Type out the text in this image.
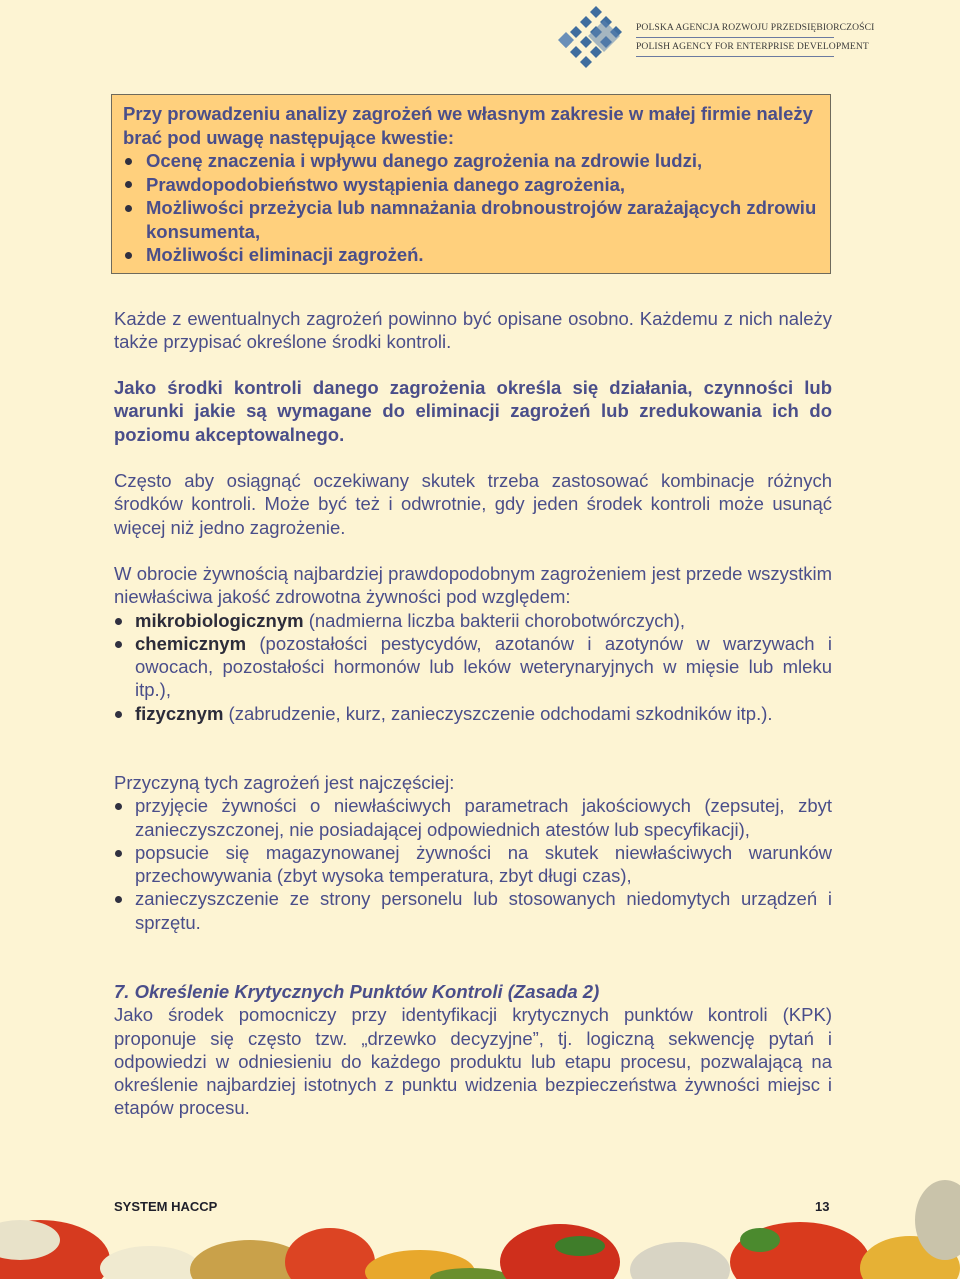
POLSKA AGENCJA ROZWOJU PRZEDSIĘBIORCZOŚCI
POLISH AGENCY FOR ENTERPRISE DEVELOPMENT

Przy prowadzeniu analizy zagrożeń we własnym zakresie w małej firmie należy brać pod uwagę następujące kwestie:

Ocenę znaczenia i wpływu danego zagrożenia na zdrowie ludzi,
Prawdopodobieństwo wystąpienia danego zagrożenia,
Możliwości przeżycia lub namnażania drobnoustrojów zarażających zdrowiu konsumenta,
Możliwości eliminacji zagrożeń.

Każde z ewentualnych zagrożeń powinno być opisane osobno. Każdemu z nich należy także przypisać określone środki kontroli.

Jako środki kontroli danego zagrożenia określa się działania, czynności lub warunki jakie są wymagane do eliminacji zagrożeń lub zredukowania ich do poziomu akceptowalnego.

Często aby osiągnąć oczekiwany skutek trzeba zastosować kombinacje różnych środków kontroli. Może być też i odwrotnie, gdy jeden środek kontroli może usunąć więcej niż jedno zagrożenie.

W obrocie żywnością najbardziej prawdopodobnym zagrożeniem jest przede wszystkim niewłaściwa jakość zdrowotna żywności pod względem:

mikrobiologicznym (nadmierna liczba bakterii chorobotwórczych),
chemicznym (pozostałości pestycydów, azotanów i azotynów w warzywach i owocach, pozostałości hormonów lub leków weterynaryjnych w mięsie lub mleku itp.),
fizycznym (zabrudzenie, kurz, zanieczyszczenie odchodami szkodników itp.).

Przyczyną tych zagrożeń jest najczęściej:

przyjęcie żywności o niewłaściwych parametrach jakościowych (zepsutej, zbyt zanieczyszczonej, nie posiadającej odpowiednich atestów lub specyfikacji),
popsucie się magazynowanej żywności na skutek niewłaściwych warunków przechowywania (zbyt wysoka temperatura, zbyt długi czas),
zanieczyszczenie ze strony personelu lub stosowanych niedomytych urządzeń i sprzętu.

7. Określenie Krytycznych Punktów Kontroli (Zasada 2)

Jako środek pomocniczy przy identyfikacji krytycznych punktów kontroli (KPK) proponuje się często tzw. „drzewko decyzyjne”, tj. logiczną sekwencję pytań i odpowiedzi w odniesieniu do każdego produktu lub etapu procesu, pozwalającą na określenie najbardziej istotnych z punktu widzenia bezpieczeństwa żywności miejsc i etapów procesu.

SYSTEM HACCP	13
